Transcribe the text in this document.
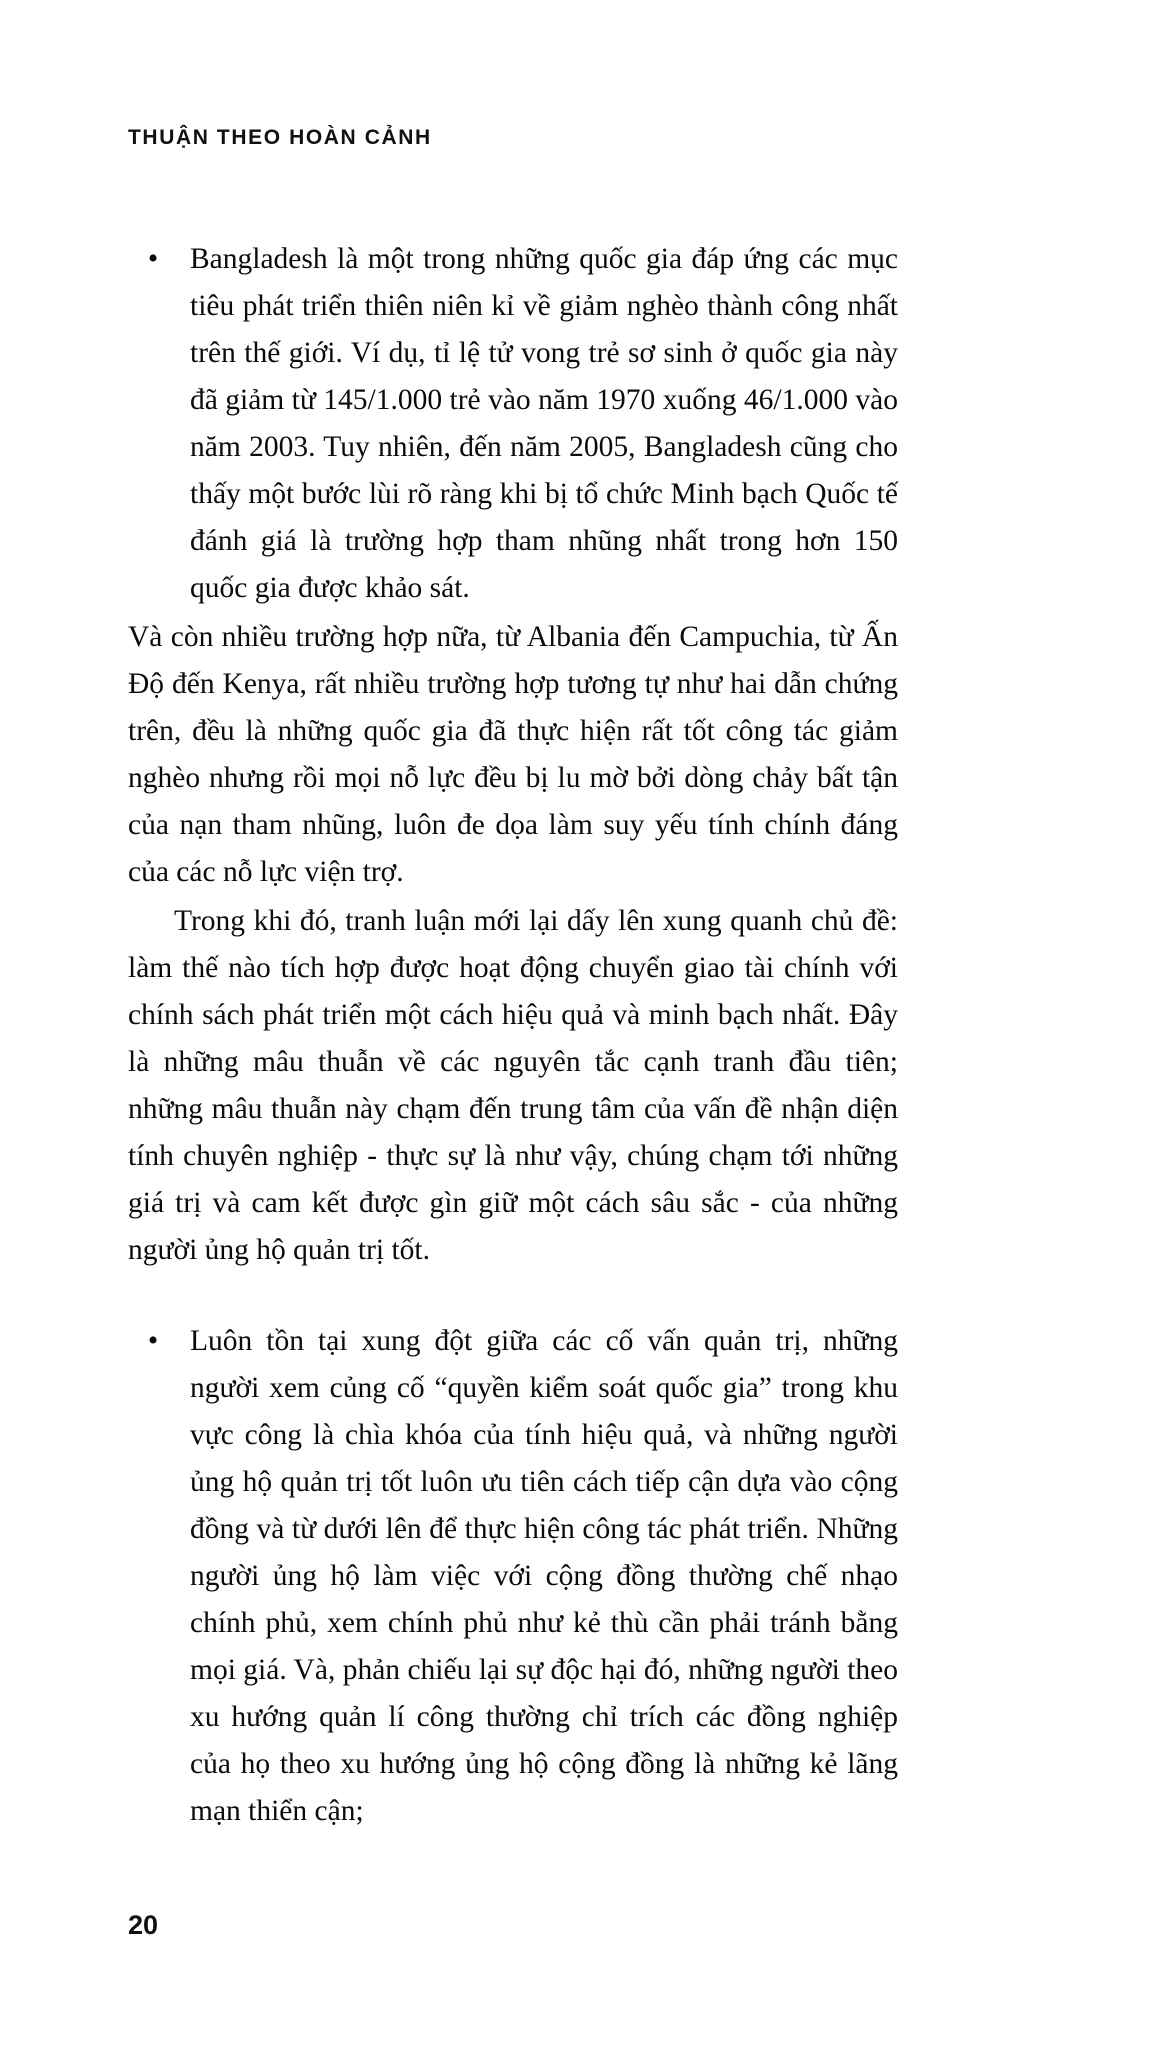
THUẬN THEO HOÀN CẢNH
•	Bangladesh là một trong những quốc gia đáp ứng các mục tiêu phát triển thiên niên kỉ về giảm nghèo thành công nhất trên thế giới. Ví dụ, tỉ lệ tử vong trẻ sơ sinh ở quốc gia này đã giảm từ 145/1.000 trẻ vào năm 1970 xuống 46/1.000 vào năm 2003. Tuy nhiên, đến năm 2005, Bangladesh cũng cho thấy một bước lùi rõ ràng khi bị tổ chức Minh bạch Quốc tế đánh giá là trường hợp tham nhũng nhất trong hơn 150 quốc gia được khảo sát.

Và còn nhiều trường hợp nữa, từ Albania đến Campuchia, từ Ấn Độ đến Kenya, rất nhiều trường hợp tương tự như hai dẫn chứng trên, đều là những quốc gia đã thực hiện rất tốt công tác giảm nghèo nhưng rồi mọi nỗ lực đều bị lu mờ bởi dòng chảy bất tận của nạn tham nhũng, luôn đe dọa làm suy yếu tính chính đáng của các nỗ lực viện trợ.

Trong khi đó, tranh luận mới lại dấy lên xung quanh chủ đề: làm thế nào tích hợp được hoạt động chuyển giao tài chính với chính sách phát triển một cách hiệu quả và minh bạch nhất. Đây là những mâu thuẫn về các nguyên tắc cạnh tranh đầu tiên; những mâu thuẫn này chạm đến trung tâm của vấn đề nhận diện tính chuyên nghiệp - thực sự là như vậy, chúng chạm tới những giá trị và cam kết được gìn giữ một cách sâu sắc - của những người ủng hộ quản trị tốt.

•	Luôn tồn tại xung đột giữa các cố vấn quản trị, những người xem củng cố “quyền kiểm soát quốc gia” trong khu vực công là chìa khóa của tính hiệu quả, và những người ủng hộ quản trị tốt luôn ưu tiên cách tiếp cận dựa vào cộng đồng và từ dưới lên để thực hiện công tác phát triển. Những người ủng hộ làm việc với cộng đồng thường chế nhạo chính phủ, xem chính phủ như kẻ thù cần phải tránh bằng mọi giá. Và, phản chiếu lại sự độc hại đó, những người theo xu hướng quản lí công thường chỉ trích các đồng nghiệp của họ theo xu hướng ủng hộ cộng đồng là những kẻ lãng mạn thiển cận;

20
